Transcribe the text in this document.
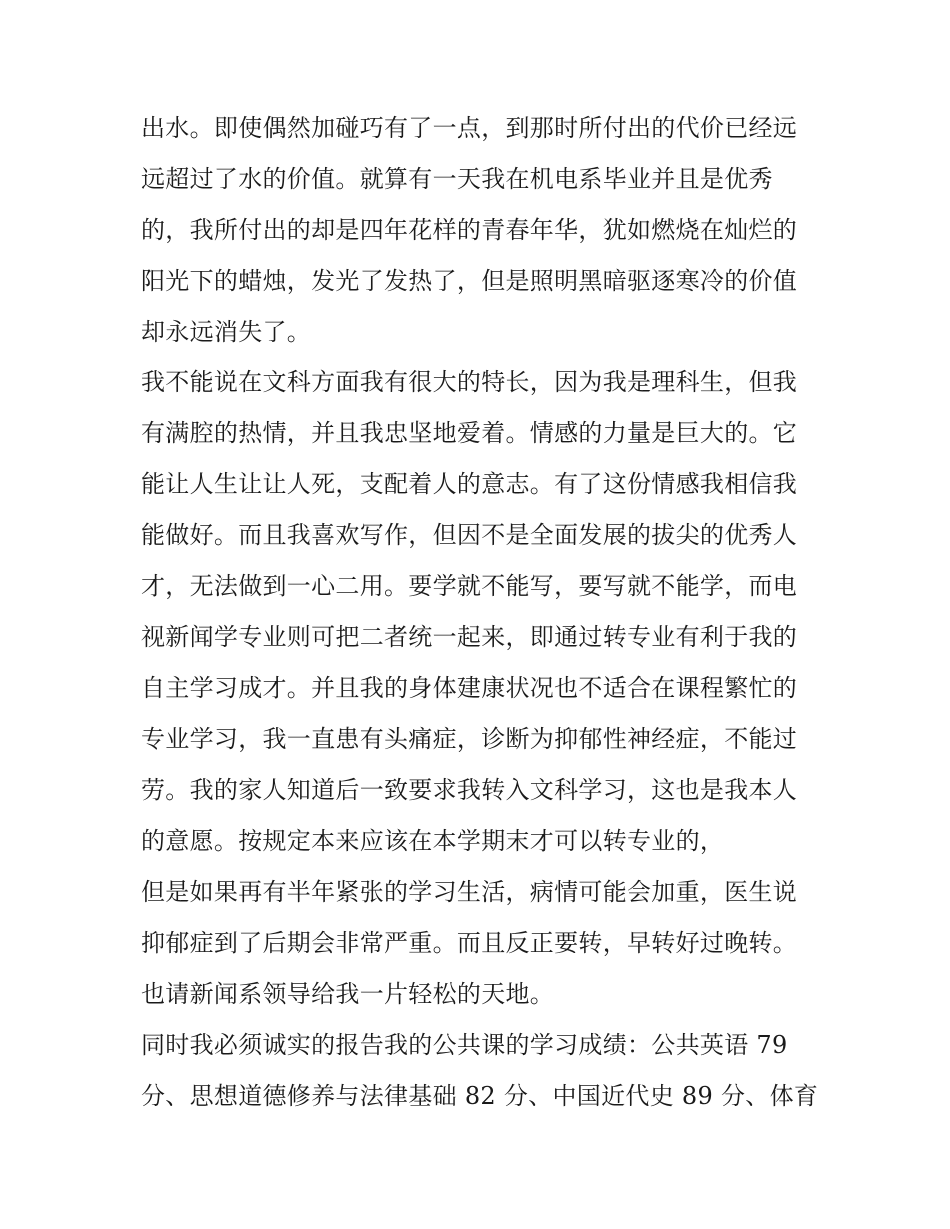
出水。即使偶然加碰巧有了一点，到那时所付出的代价已经远
远超过了水的价值。就算有一天我在机电系毕业并且是优秀
的，我所付出的却是四年花样的青春年华，犹如燃烧在灿烂的
阳光下的蜡烛，发光了发热了，但是照明黑暗驱逐寒冷的价值
却永远消失了。
我不能说在文科方面我有很大的特长，因为我是理科生，但我
有满腔的热情，并且我忠坚地爱着。情感的力量是巨大的。它
能让人生让让人死，支配着人的意志。有了这份情感我相信我
能做好。而且我喜欢写作，但因不是全面发展的拔尖的优秀人
才，无法做到一心二用。要学就不能写，要写就不能学，而电
视新闻学专业则可把二者统一起来，即通过转专业有利于我的
自主学习成才。并且我的身体建康状况也不适合在课程繁忙的
专业学习，我一直患有头痛症，诊断为抑郁性神经症，不能过
劳。我的家人知道后一致要求我转入文科学习，这也是我本人
的意愿。按规定本来应该在本学期末才可以转专业的，
但是如果再有半年紧张的学习生活，病情可能会加重，医生说
抑郁症到了后期会非常严重。而且反正要转，早转好过晚转。
也请新闻系领导给我一片轻松的天地。
同时我必须诚实的报告我的公共课的学习成绩：公共英语 79
分、思想道德修养与法律基础 82 分、中国近代史 89 分、体育
